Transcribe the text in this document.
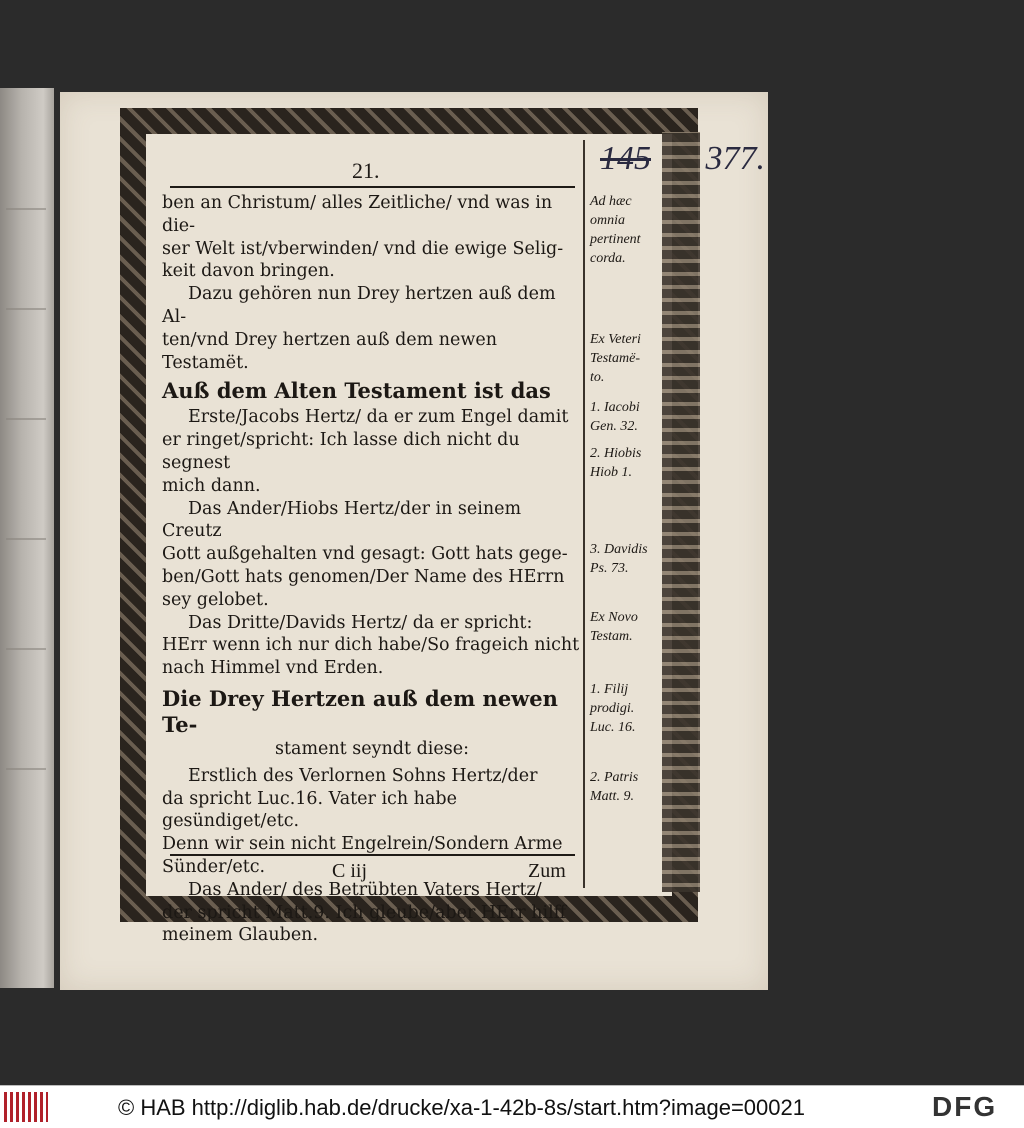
145 377.
21.

ben an Christum/ alles Zeitliche/ vnd was in die-

ser Welt ist/vberwinden/ vnd die ewige Selig-

keit davon bringen.

Dazu gehören nun Drey hertzen auß dem Al-

ten/vnd Drey hertzen auß dem newen Testamët.

Auß dem Alten Testament ist das

Erste/Jacobs Hertz/ da er zum Engel damit

er ringet/spricht: Ich lasse dich nicht du segnest

mich dann.

Das Ander/Hiobs Hertz/der in seinem Creutz

Gott außgehalten vnd gesagt: Gott hats gege-

ben/Gott hats genomen/Der Name des HErrn

sey gelobet.

Das Dritte/Davids Hertz/ da er spricht:

HErr wenn ich nur dich habe/So frageich nicht

nach Himmel vnd Erden.

Die Drey Hertzen auß dem newen Te-

stament seyndt diese:

Erstlich des Verlornen Sohns Hertz/der

da spricht Luc.16. Vater ich habe gesündiget/etc.

Denn wir sein nicht Engelrein/Sondern Arme

Sünder/etc.

Das Ander/ des Betrübten Vaters Hertz/

der spricht Matt.9. Ich gleube/aber HErr hilff

meinem Glauben.

Ad hæc
omnia
pertinent
corda.
Ex Veteri
Testamë-
to.
1. Iacobi
Gen. 32.
2. Hiobis
Hiob 1.
3. Davidis
Ps. 73.
Ex Novo
Testam.
1. Filij
prodigi.
Luc. 16.
2. Patris
Matt. 9.
C iij	Zum
© HAB http://diglib.hab.de/drucke/xa-1-42b-8s/start.htm?image=00021	DFG
